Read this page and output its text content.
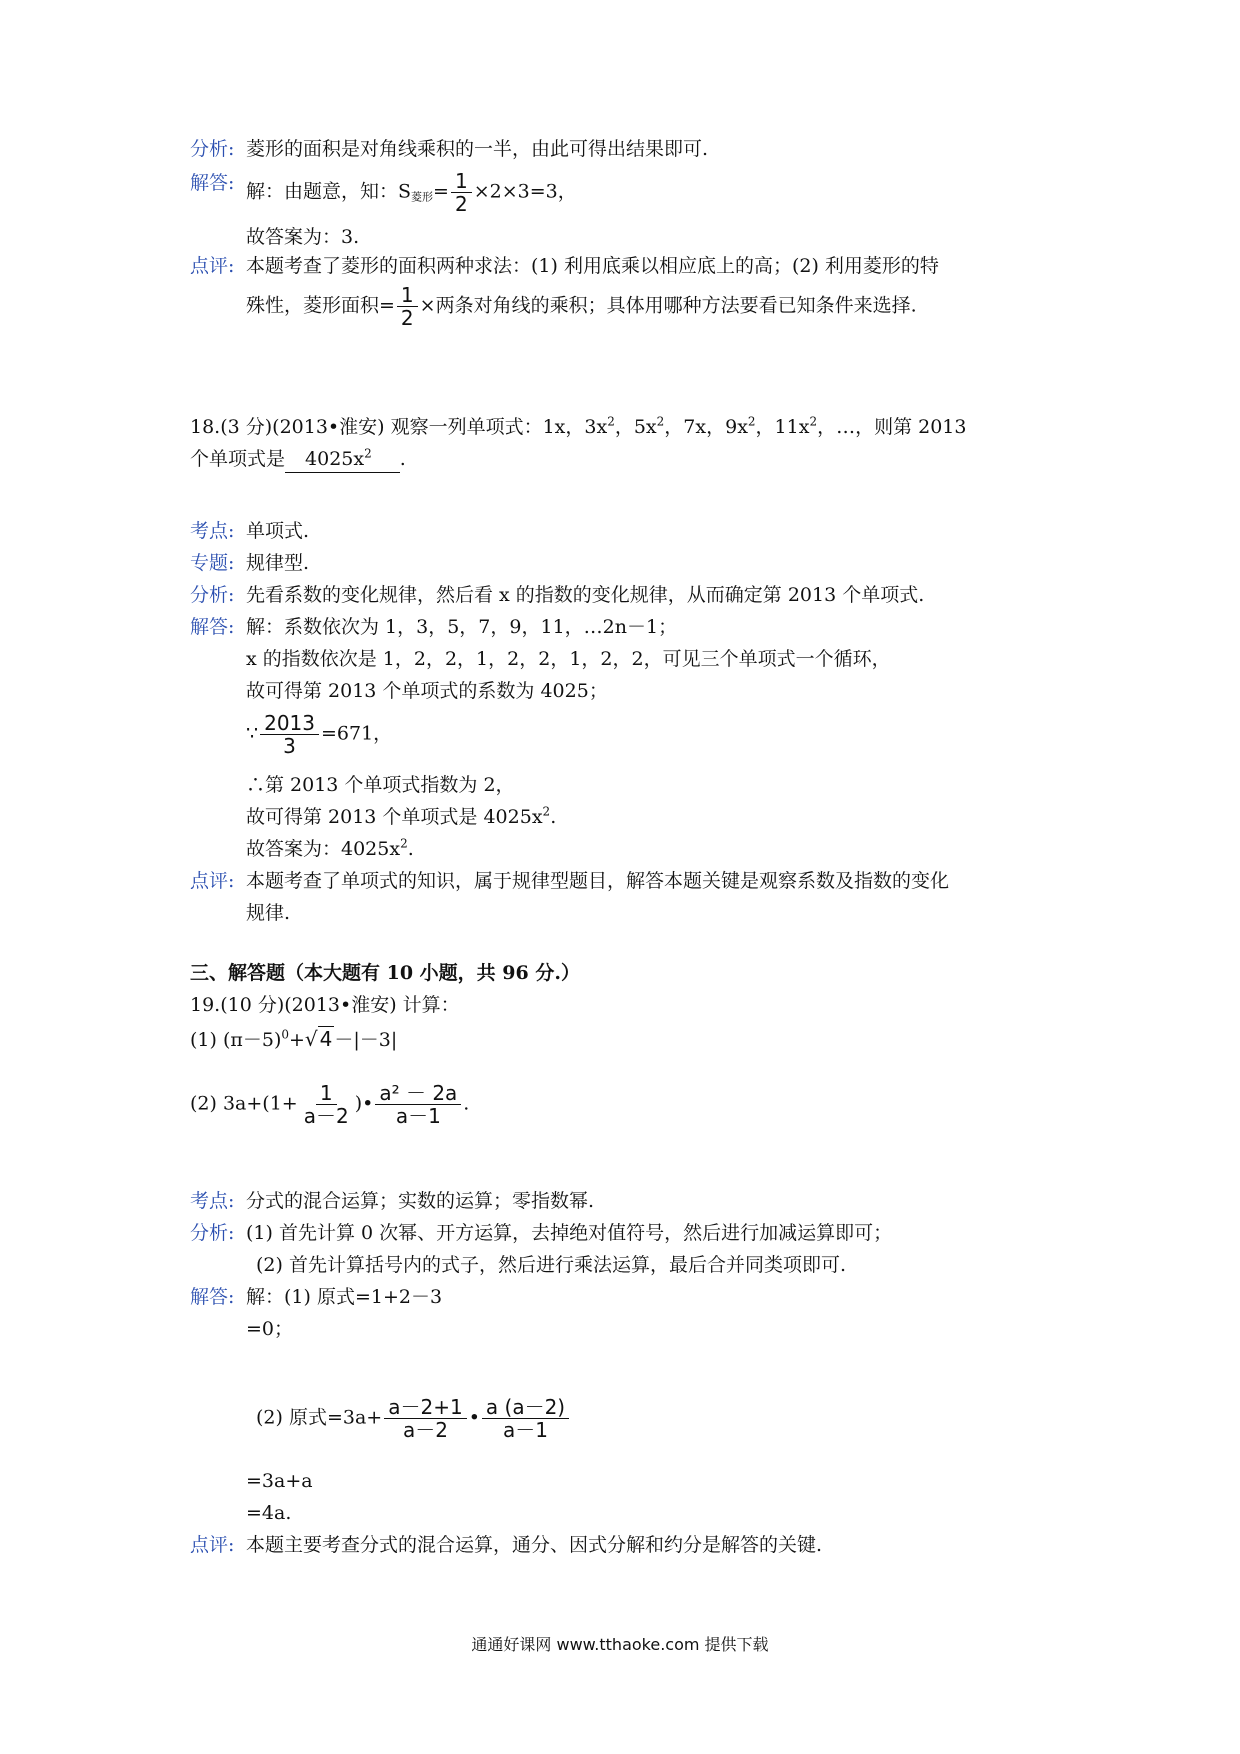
分析: 菱形的面积是对角线乘积的一半，由此可得出结果即可.
解答: 解：由题意，知：$S_{菱形}= \frac{1}{2} \times 2\times 3=3$，
故答案为：3.
点评: 本题考查了菱形的面积两种求法：(1) 利用底乘以相应底上的高；(2) 利用菱形的特
殊性，菱形面积= $\frac{1}{2}$ ×两条对角线的乘积；具体用哪种方法要看已知条件来选择.
18.(3 分)(2013•淮安) 观察一列单项式：1x，$3x^2$，$5x^2$，7x，$9x^2$，$11x^2$，…，则第 2013
个单项式是 $4025x^2$ .
考点: 单项式.
专题: 规律型.
分析: 先看系数的变化规律，然后看 x 的指数的变化规律，从而确定第 2013 个单项式.
解答: 解：系数依次为 1，3，5，7，9，11，…2n－1；
x 的指数依次是 1，2，2，1，2，2，1，2，2，可见三个单项式一个循环，
故可得第 2013 个单项式的系数为 4025；
∵ $\frac{2013}{3} =671$，
∴第 2013 个单项式指数为 2，
故可得第 2013 个单项式是 $4025x^2$.
故答案为：$4025x^2$.
点评: 本题考查了单项式的知识，属于规律型题目，解答本题关键是观察系数及指数的变化
规律.
三、解答题（本大题有 10 小题，共 96 分.）
19.(10 分)(2013•淮安) 计算：
(1) $(\pi-5)^0+√$ 4 －|－3|
(2) $3a+(1+ \frac{1}{a-2}$ )• $\frac{\text{a² － 2a}}{a-1}$ .
考点: 分式的混合运算；实数的运算；零指数幂.
分析: (1) 首先计算 0 次幂、开方运算，去掉绝对值符号，然后进行加减运算即可；
(2) 首先计算括号内的式子，然后进行乘法运算，最后合并同类项即可.
解答: 解：(1) 原式=1+2－3
=0；
(2) 原式$=3a+ \frac{a-2+1}{a-2}$ • $\frac{a (a-2)}{a-1}$
=3a+a
=4a.
点评: 本题主要考查分式的混合运算，通分、因式分解和约分是解答的关键.
通通好课网 www.tthaoke.com 提供下载
